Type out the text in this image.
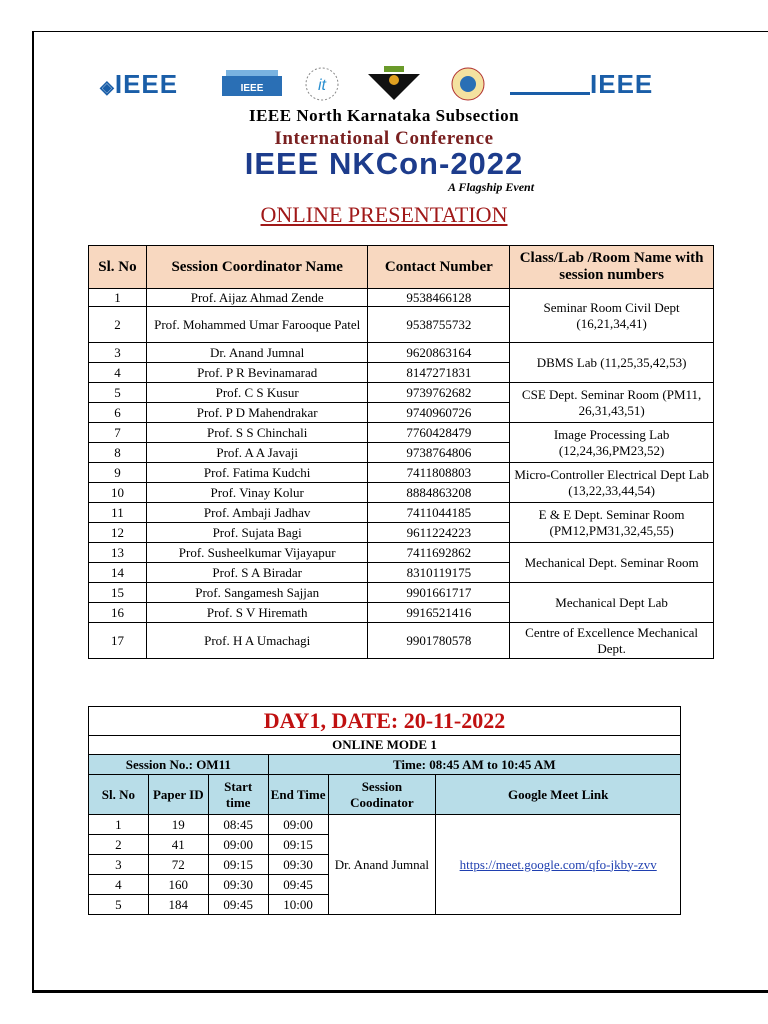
◈IEEE	IEEE	it	IEEE
IEEE North Karnataka Subsection
International Conference
IEEE NKCon-2022
A Flagship Event
ONLINE PRESENTATION
Sl. No	Session Coordinator Name	Contact Number	Class/Lab /Room Name with session numbers
1	Prof. Aijaz Ahmad Zende	9538466128	Seminar Room Civil Dept (16,21,34,41)
2	Prof. Mohammed Umar Farooque Patel	9538755732	
3	Dr. Anand Jumnal	9620863164	DBMS Lab (11,25,35,42,53)
4	Prof. P R Bevinamarad	8147271831	
5	Prof. C S Kusur	9739762682	CSE Dept. Seminar Room (PM11, 26,31,43,51)
6	Prof. P D Mahendrakar	9740960726	
7	Prof. S S Chinchali	7760428479	Image Processing Lab (12,24,36,PM23,52)
8	Prof. A A Javaji	9738764806	
9	Prof. Fatima Kudchi	7411808803	Micro-Controller Electrical Dept Lab (13,22,33,44,54)
10	Prof. Vinay Kolur	8884863208	
11	Prof. Ambaji Jadhav	7411044185	E & E Dept. Seminar Room (PM12,PM31,32,45,55)
12	Prof. Sujata Bagi	9611224223	
13	Prof. Susheelkumar Vijayapur	7411692862	Mechanical Dept. Seminar Room
14	Prof. S A Biradar	8310119175	
15	Prof. Sangamesh Sajjan	9901661717	Mechanical Dept Lab
16	Prof. S V Hiremath	9916521416	
17	Prof. H A Umachagi	9901780578	Centre of Excellence Mechanical Dept.
DAY1, DATE: 20-11-2022					
ONLINE MODE 1					
Session No.: OM11			Time: 08:45 AM to 10:45 AM		
Sl. No	Paper ID	Start time	End Time	Session Coodinator	Google Meet Link
1	19	08:45	09:00	Dr. Anand Jumnal	https://meet.google.com/qfo-jkby-zvv
2	41	09:00	09:15		
3	72	09:15	09:30		
4	160	09:30	09:45		
5	184	09:45	10:00		
